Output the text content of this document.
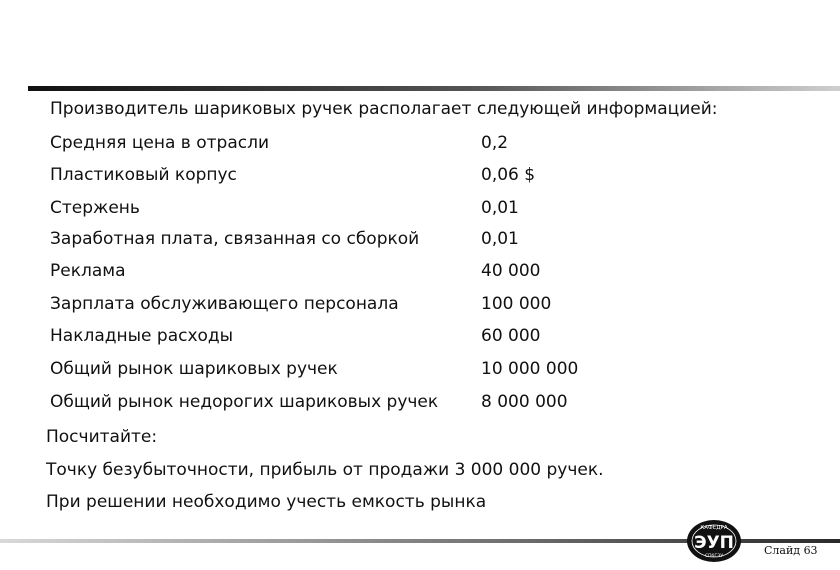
Производитель шариковых ручек располагает следующей информацией:
Средняя цена в отрасли	0,2
Пластиковый корпус	0,06 $
Стержень	0,01
Заработная плата, связанная со сборкой	0,01
Реклама	40 000
Зарплата обслуживающего персонала	100 000
Накладные расходы	60 000
Общий рынок шариковых ручек	10 000 000
Общий рынок недорогих шариковых ручек	8 000 000
Посчитайте:
Точку безубыточности, прибыль от продажи 3 000 000 ручек.
При решении необходимо учесть емкость рынка
КАФЕДРА
ЭУП
СПбГЭУ	Слайд 63
